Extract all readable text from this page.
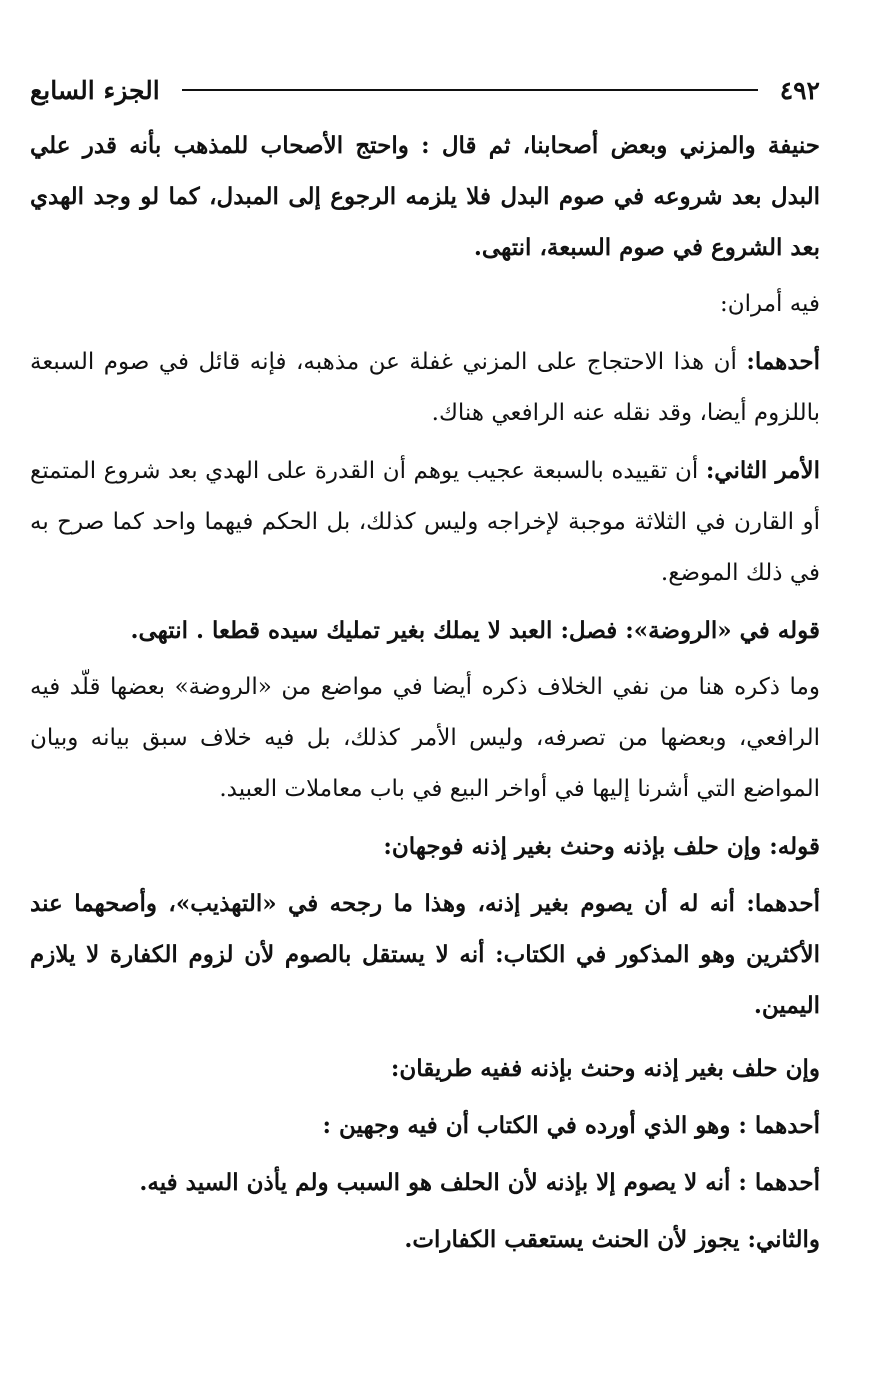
٤٩٢
الجزء السابع

حنيفة والمزني وبعض أصحابنا، ثم قال : واحتج الأصحاب للمذهب بأنه قدر علي البدل بعد شروعه في صوم البدل فلا يلزمه الرجوع إلى المبدل، كما لو وجد الهدي بعد الشروع في صوم السبعة، انتهى.

فيه أمران:

أحدهما: أن هذا الاحتجاج على المزني غفلة عن مذهبه، فإنه قائل في صوم السبعة باللزوم أيضا، وقد نقله عنه الرافعي هناك.

الأمر الثاني: أن تقييده بالسبعة عجيب يوهم أن القدرة على الهدي بعد شروع المتمتع أو القارن في الثلاثة موجبة لإخراجه وليس كذلك، بل الحكم فيهما واحد كما صرح به في ذلك الموضع.

قوله في «الروضة»: فصل: العبد لا يملك بغير تمليك سيده قطعا . انتهى.

وما ذكره هنا من نفي الخلاف ذكره أيضا في مواضع من «الروضة» بعضها قلّد فيه الرافعي، وبعضها من تصرفه، وليس الأمر كذلك، بل فيه خلاف سبق بيانه وبيان المواضع التي أشرنا إليها في أواخر البيع في باب معاملات العبيد.

قوله: وإن حلف بإذنه وحنث بغير إذنه فوجهان:

أحدهما: أنه له أن يصوم بغير إذنه، وهذا ما رجحه في «التهذيب»، وأصحهما عند الأكثرين وهو المذكور في الكتاب: أنه لا يستقل بالصوم لأن لزوم الكفارة لا يلازم اليمين.

وإن حلف بغير إذنه وحنث بإذنه ففيه طريقان:

أحدهما : وهو الذي أورده في الكتاب أن فيه وجهين :

أحدهما : أنه لا يصوم إلا بإذنه لأن الحلف هو السبب ولم يأذن السيد فيه.

والثاني: يجوز لأن الحنث يستعقب الكفارات.
